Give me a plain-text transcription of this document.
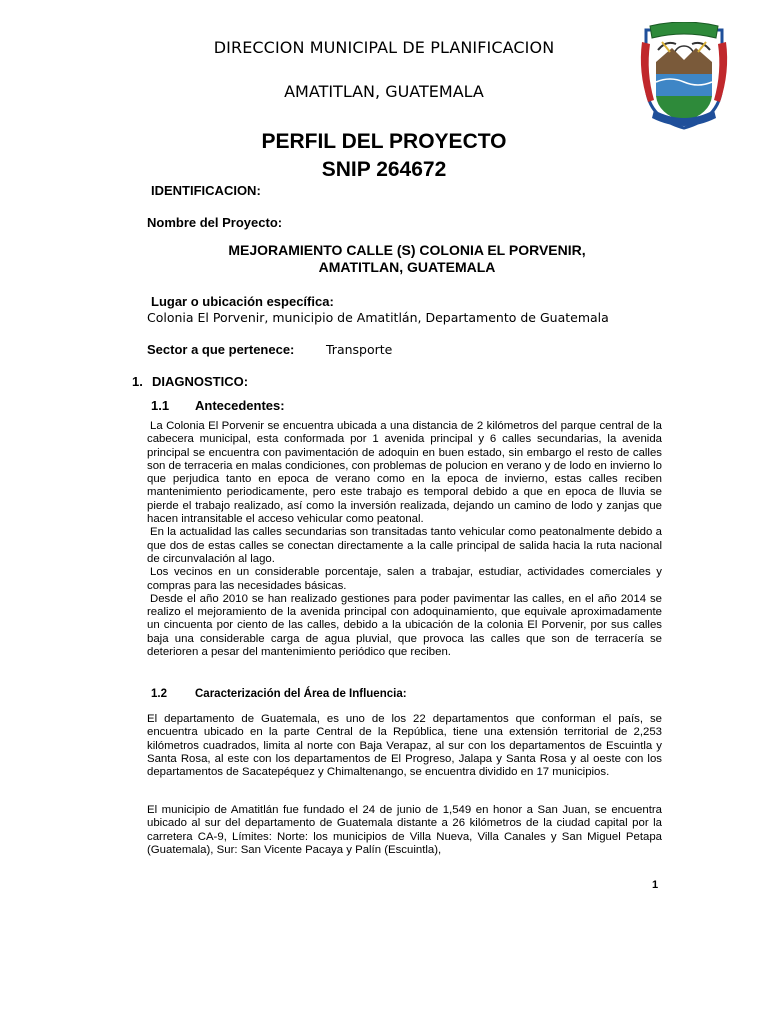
DIRECCION MUNICIPAL DE PLANIFICACION
AMATITLAN, GUATEMALA
PERFIL DEL PROYECTO
SNIP 264672
IDENTIFICACION:
Nombre del Proyecto:
MEJORAMIENTO CALLE (S) COLONIA EL PORVENIR,
AMATITLAN, GUATEMALA
Lugar o ubicación específica:
Colonia El Porvenir, municipio de Amatitlán, Departamento de Guatemala
Sector a que pertenece:	Transporte
1. DIAGNOSTICO:
1.1 Antecedentes:

La Colonia El Porvenir se encuentra ubicada a una distancia de 2 kilómetros del parque central de la cabecera municipal, esta conformada por 1 avenida principal y 6 calles secundarias, la avenida principal se encuentra con pavimentación de adoquin en buen estado, sin embargo el resto de calles son de terraceria en malas condiciones, con problemas de polucion en verano y de lodo en invierno lo que perjudica tanto en epoca de verano como en la epoca de invierno, estas calles reciben mantenimiento periodicamente, pero este trabajo es temporal debido a que en epoca de lluvia se pierde el trabajo realizado, así como la inversión realizada, dejando un camino de lodo y zanjas que hacen intransitable el acceso vehicular como peatonal.

En la actualidad las calles secundarias son transitadas tanto vehicular como peatonalmente debido a que dos de estas calles se conectan directamente a la calle principal de salida hacia la ruta nacional de circunvalación al lago.

Los vecinos en un considerable porcentaje, salen a trabajar, estudiar, actividades comerciales y compras para las necesidades básicas.

Desde el año 2010 se han realizado gestiones para poder pavimentar las calles, en el año 2014 se realizo el mejoramiento de la avenida principal con adoquinamiento, que equivale aproximadamente un cincuenta por ciento de las calles, debido a la ubicación de la colonia El Porvenir, por sus calles baja una considerable carga de agua pluvial, que provoca las calles que son de terracería se deterioren a pesar del mantenimiento periódico que reciben.

1.2 Caracterización del Área de Influencia:
El departamento de Guatemala, es uno de los 22 departamentos que conforman el país, se encuentra ubicado en la parte Central de la República, tiene una extensión territorial de 2,253 kilómetros cuadrados, limita al norte con Baja Verapaz, al sur con los departamentos de Escuintla y Santa Rosa, al este con los departamentos de El Progreso, Jalapa y Santa Rosa y al oeste con los departamentos de Sacatepéquez y Chimaltenango, se encuentra dividido en 17 municipios.
El municipio de Amatitlán fue fundado el 24 de junio de 1,549 en honor a San Juan, se encuentra ubicado al sur del departamento de Guatemala distante a 26 kilómetros de la ciudad capital por la carretera CA-9, Límites: Norte: los municipios de Villa Nueva, Villa Canales y San Miguel Petapa (Guatemala), Sur: San Vicente Pacaya y Palín (Escuintla),
1
